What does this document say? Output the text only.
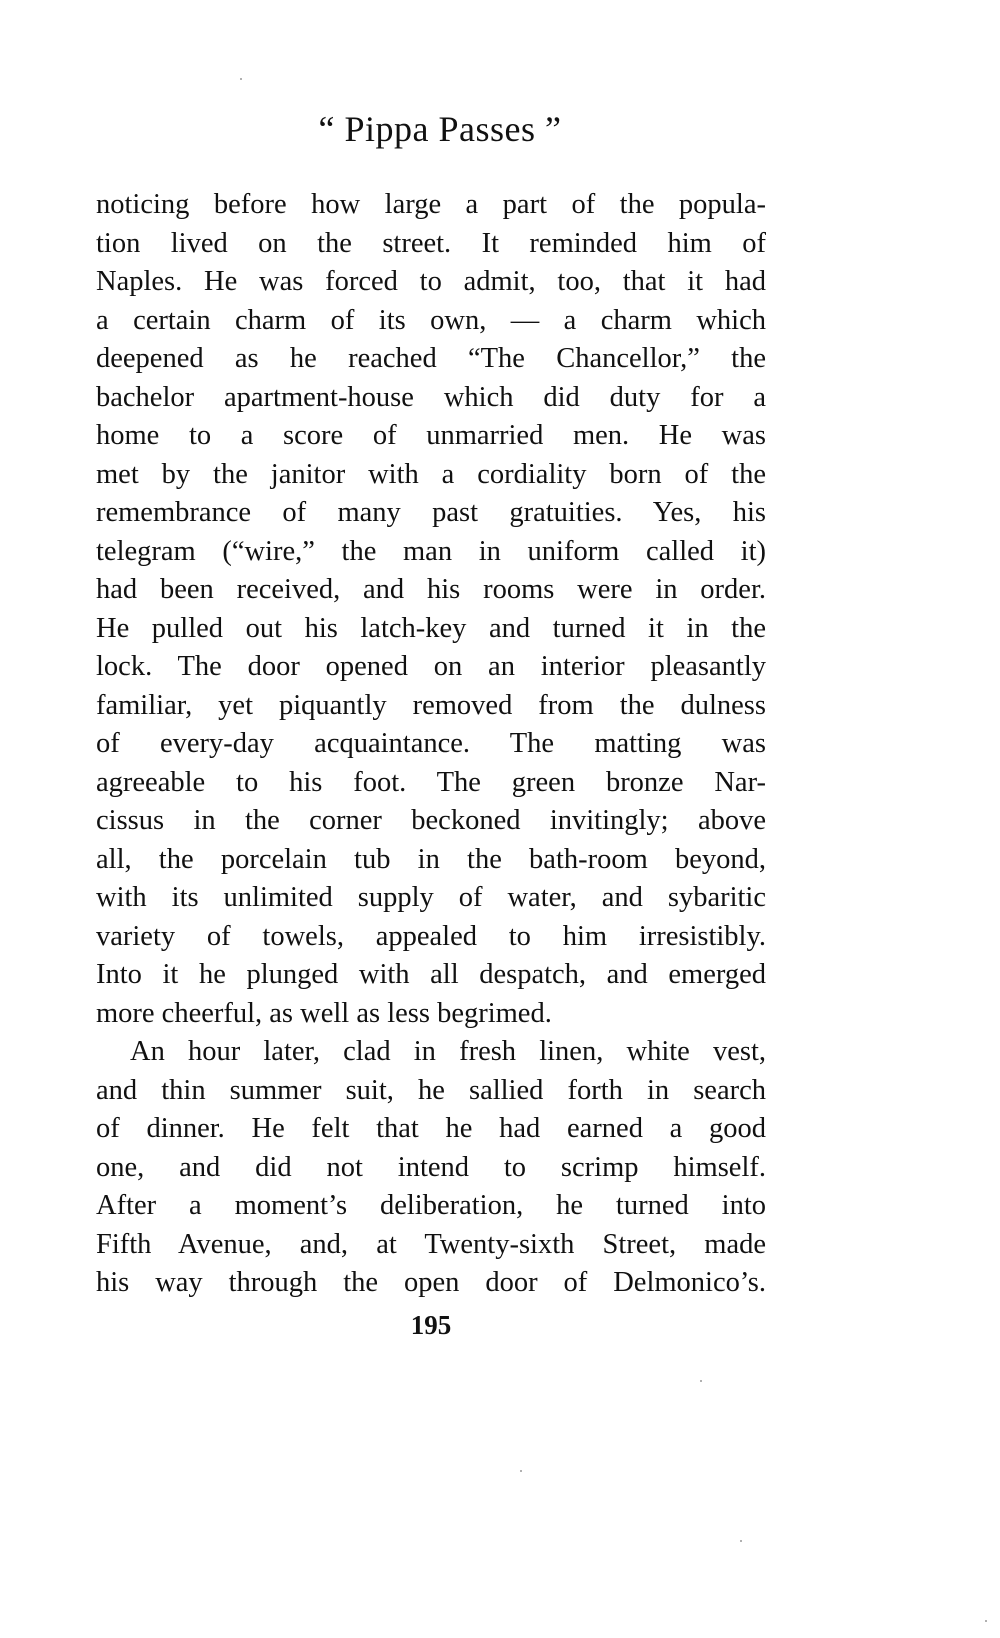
“ Pippa Passes ”
noticing before how large a part of the popula-
tion lived on the street. It reminded him of
Naples. He was forced to admit, too, that it had
a certain charm of its own, — a charm which
deepened as he reached “The Chancellor,” the
bachelor apartment-house which did duty for a
home to a score of unmarried men. He was
met by the janitor with a cordiality born of the
remembrance of many past gratuities. Yes, his
telegram (“wire,” the man in uniform called it)
had been received, and his rooms were in order.
He pulled out his latch-key and turned it in the
lock. The door opened on an interior pleasantly
familiar, yet piquantly removed from the dulness
of every-day acquaintance. The matting was
agreeable to his foot. The green bronze Nar-
cissus in the corner beckoned invitingly; above
all, the porcelain tub in the bath-room beyond,
with its unlimited supply of water, and sybaritic
variety of towels, appealed to him irresistibly.
Into it he plunged with all despatch, and emerged
more cheerful, as well as less begrimed.
An hour later, clad in fresh linen, white vest,
and thin summer suit, he sallied forth in search
of dinner. He felt that he had earned a good
one, and did not intend to scrimp himself.
After a moment’s deliberation, he turned into
Fifth Avenue, and, at Twenty-sixth Street, made
his way through the open door of Delmonico’s.
195
